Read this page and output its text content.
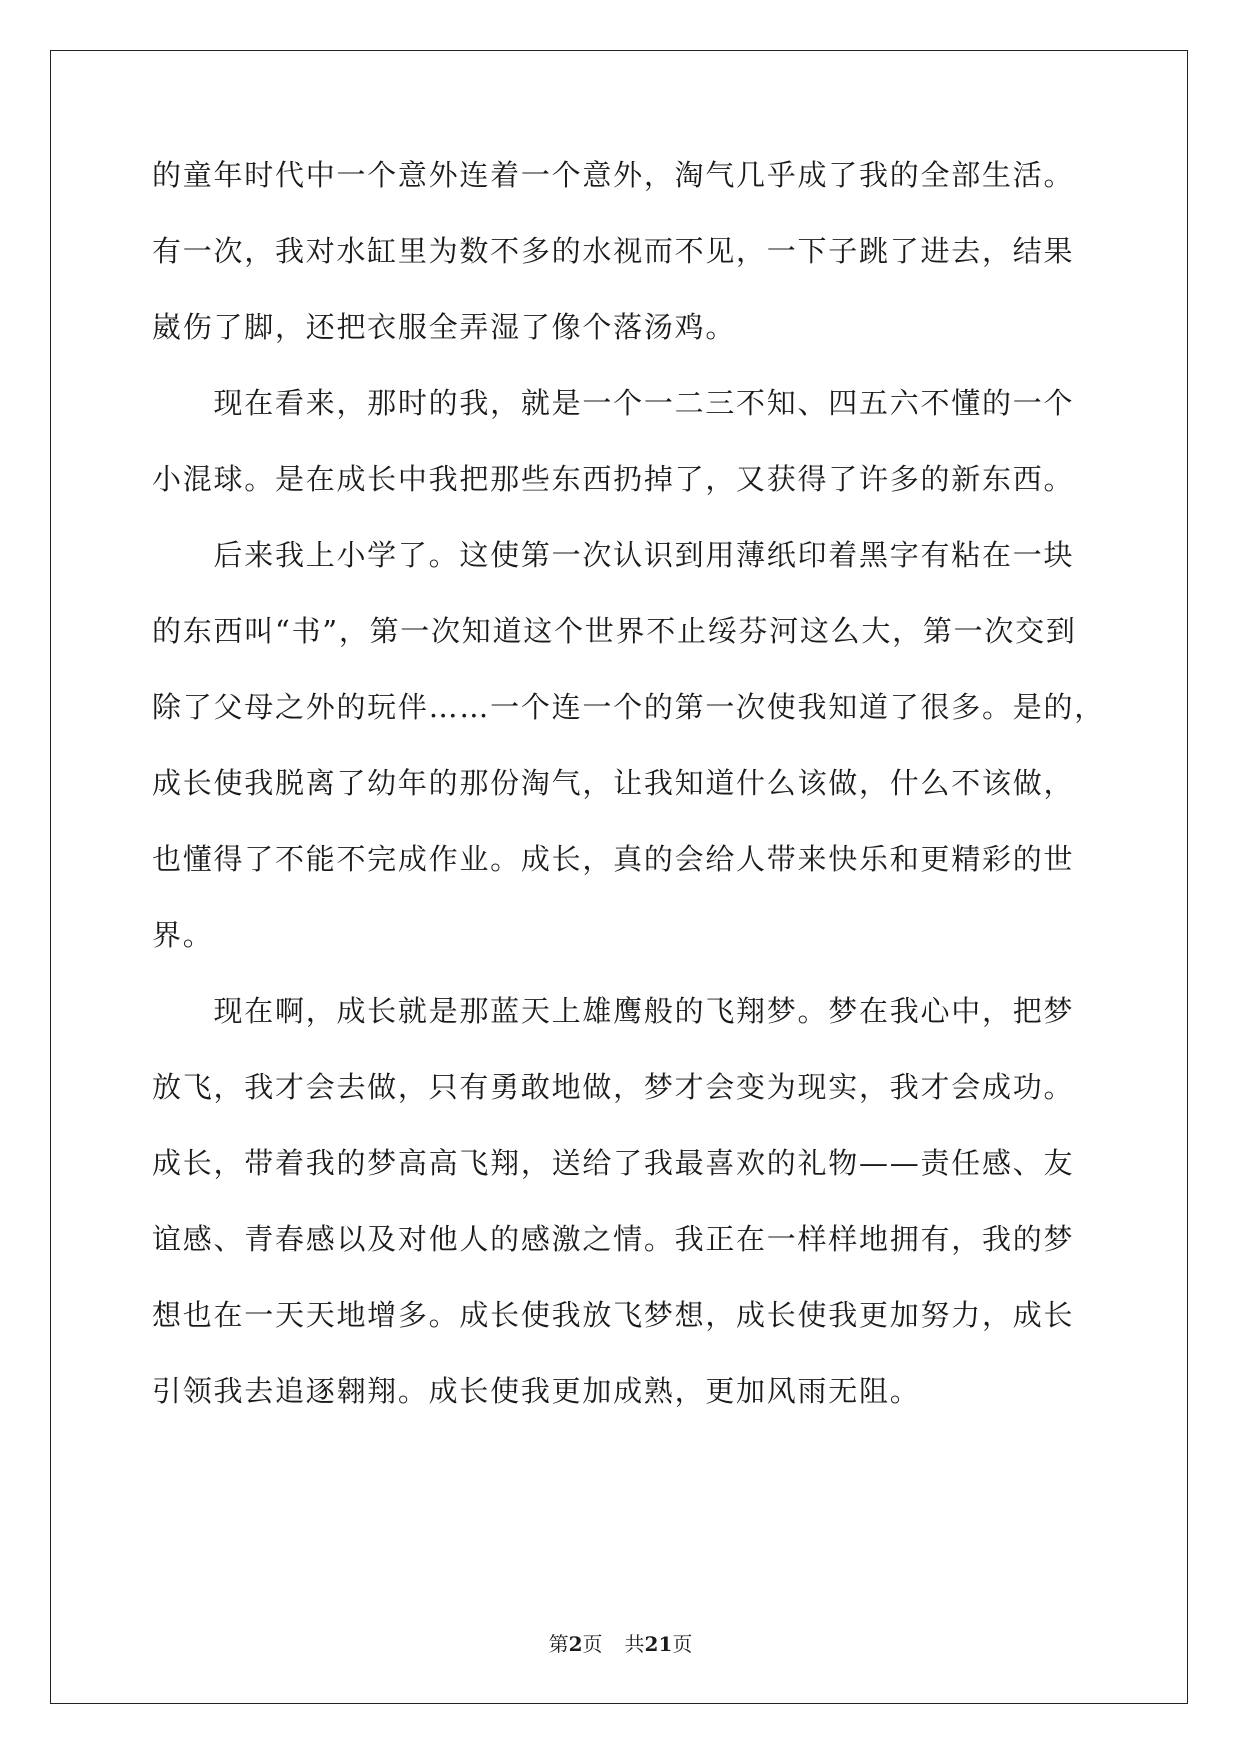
的童年时代中一个意外连着一个意外，淘气几乎成了我的全部生活。
有一次，我对水缸里为数不多的水视而不见，一下子跳了进去，结果
崴伤了脚，还把衣服全弄湿了像个落汤鸡。
　　现在看来，那时的我，就是一个一二三不知、四五六不懂的一个
小混球。是在成长中我把那些东西扔掉了，又获得了许多的新东西。
　　后来我上小学了。这使第一次认识到用薄纸印着黑字有粘在一块
的东西叫“书”，第一次知道这个世界不止绥芬河这么大，第一次交到
除了父母之外的玩伴……一个连一个的第一次使我知道了很多。是的，
成长使我脱离了幼年的那份淘气，让我知道什么该做，什么不该做，
也懂得了不能不完成作业。成长，真的会给人带来快乐和更精彩的世
界。
　　现在啊，成长就是那蓝天上雄鹰般的飞翔梦。梦在我心中，把梦
放飞，我才会去做，只有勇敢地做，梦才会变为现实，我才会成功。
成长，带着我的梦高高飞翔，送给了我最喜欢的礼物——责任感、友
谊感、青春感以及对他人的感激之情。我正在一样样地拥有，我的梦
想也在一天天地增多。成长使我放飞梦想，成长使我更加努力，成长
引领我去追逐翱翔。成长使我更加成熟，更加风雨无阻。
第2页 共21页
